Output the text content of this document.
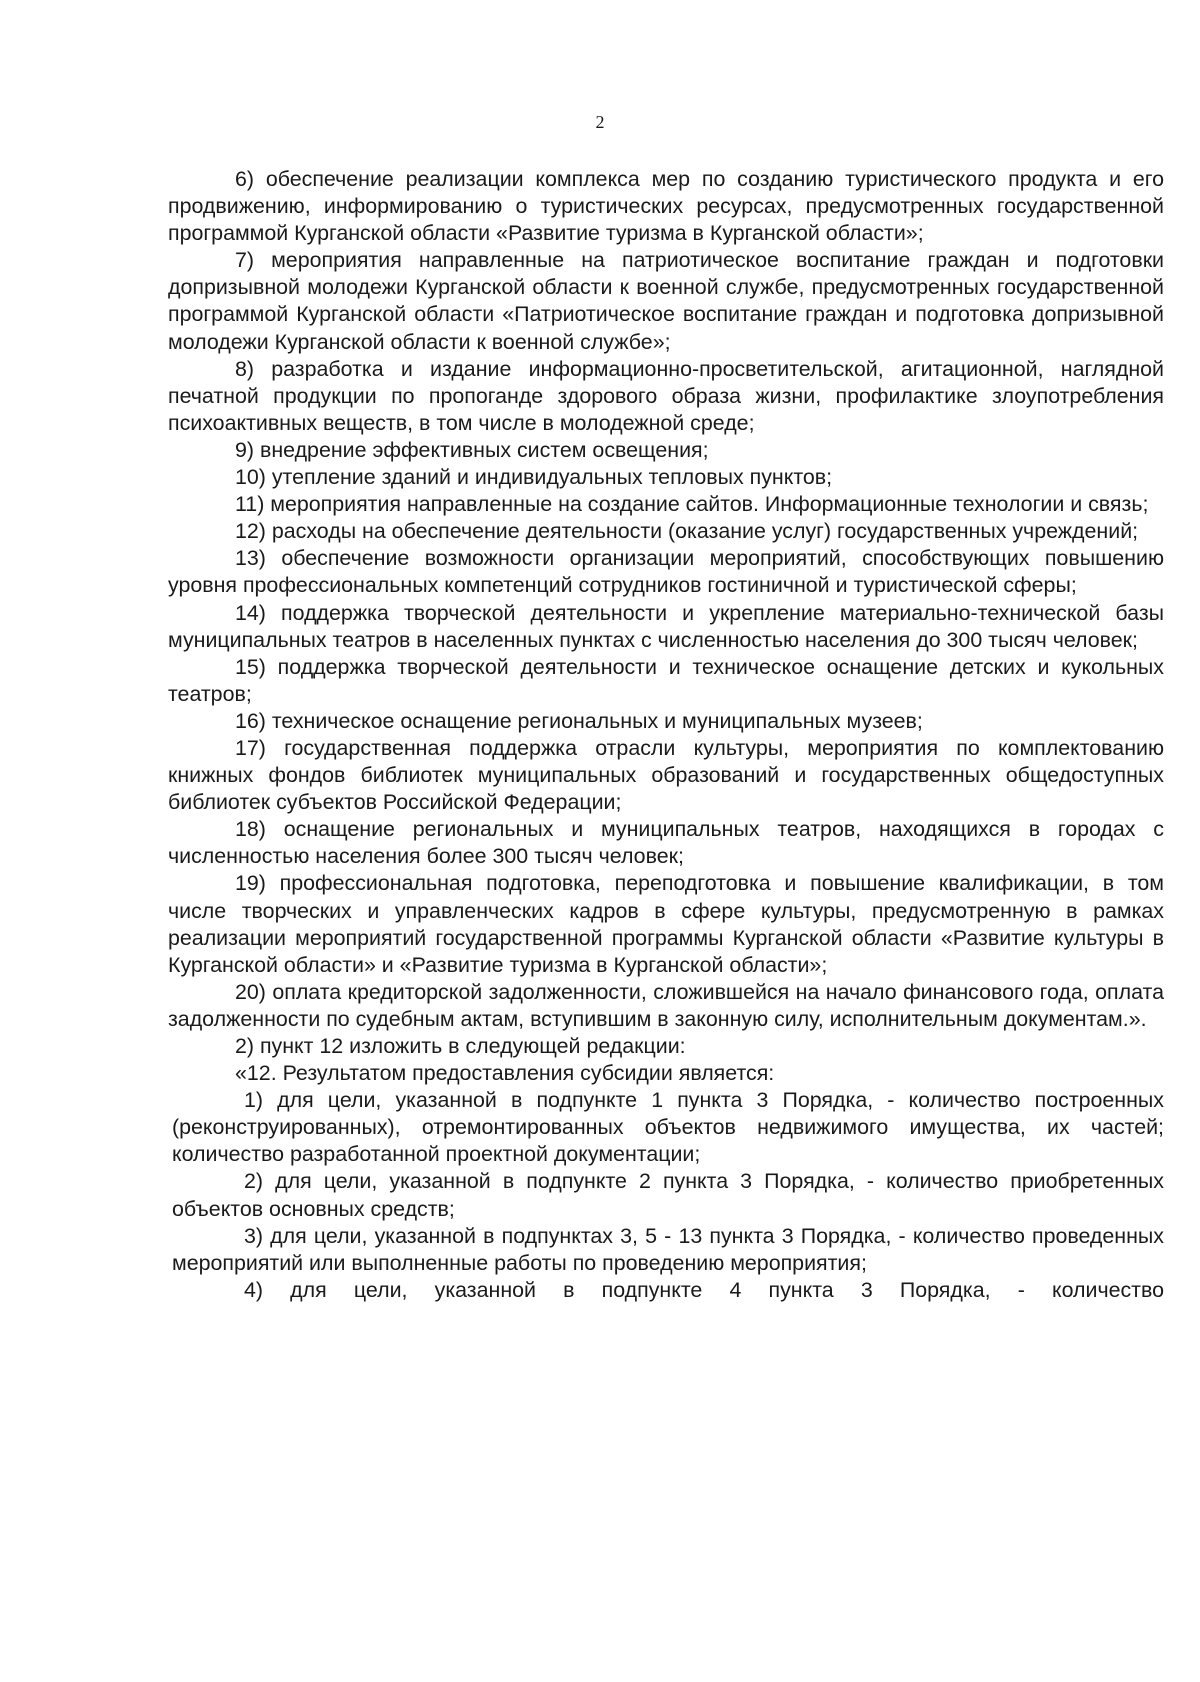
2

6) обеспечение реализации комплекса мер по созданию туристического продукта и его продвижению, информированию о туристических ресурсах, предусмотренных государственной программой Курганской области «Развитие туризма в Курганской области»;

7) мероприятия направленные на патриотическое воспитание граждан и подготовки допризывной молодежи Курганской области к военной службе, предусмотренных государственной программой Курганской области «Патриотическое воспитание граждан и подготовка допризывной молодежи Курганской области к военной службе»;

8) разработка и издание информационно-просветительской, агитационной, наглядной печатной продукции по пропоганде здорового образа жизни, профилактике злоупотребления психоактивных веществ, в том числе в молодежной среде;

9) внедрение эффективных систем освещения;

10) утепление зданий и индивидуальных тепловых пунктов;

11) мероприятия направленные на создание сайтов. Информационные технологии и связь;

12) расходы на обеспечение деятельности (оказание услуг) государственных учреждений;

13) обеспечение возможности организации мероприятий, способствующих повышению уровня профессиональных компетенций сотрудников гостиничной и туристической сферы;

14) поддержка творческой деятельности и укрепление материально-технической базы муниципальных театров в населенных пунктах с численностью населения до 300 тысяч человек;

15) поддержка творческой деятельности и техническое оснащение детских и кукольных театров;

16) техническое оснащение региональных и муниципальных музеев;

17) государственная поддержка отрасли культуры, мероприятия по комплектованию книжных фондов библиотек муниципальных образований и государственных общедоступных библиотек субъектов Российской Федерации;

18) оснащение региональных и муниципальных театров, находящихся в городах с численностью населения более 300 тысяч человек;

19) профессиональная подготовка, переподготовка и повышение квалификации, в том числе творческих и управленческих кадров в сфере культуры, предусмотренную в рамках реализации мероприятий государственной программы Курганской области «Развитие культуры в Курганской области» и «Развитие туризма в Курганской области»;

20) оплата кредиторской задолженности, сложившейся на начало финансового года, оплата задолженности по судебным актам, вступившим в законную силу, исполнительным документам.».

2) пункт 12 изложить в следующей редакции:

«12. Результатом предоставления субсидии является:

1) для цели, указанной в подпункте 1 пункта 3 Порядка, - количество построенных (реконструированных), отремонтированных объектов недвижимого имущества, их частей; количество разработанной проектной документации;

2) для цели, указанной в подпункте 2 пункта 3 Порядка, - количество приобретенных объектов основных средств;

3) для цели, указанной в подпунктах 3, 5 - 13 пункта 3 Порядка, - количество проведенных мероприятий или выполненные работы по проведению мероприятия;

4) для цели, указанной в подпункте 4 пункта 3 Порядка, - количество
